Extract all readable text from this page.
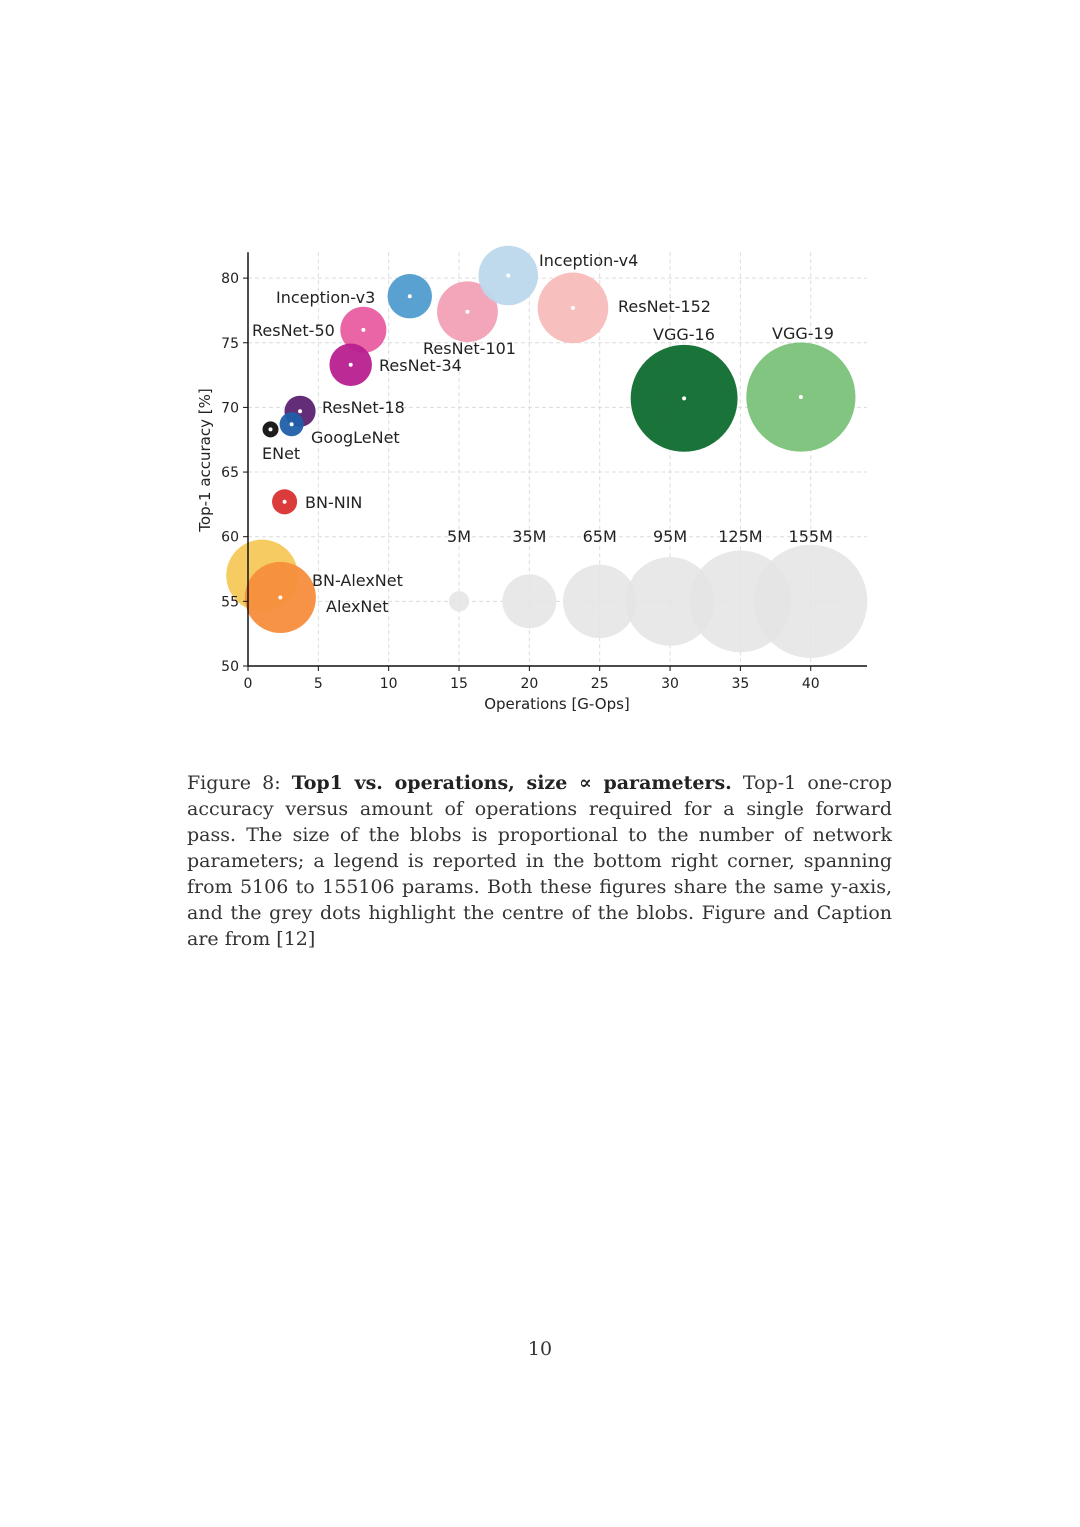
0	5	10	15	20	25	30	35	40
50
55
60
65
70
75
80
5M	35M 65M 95M 125M 155M
BN-AlexNet
AlexNet
BN-NIN
ENet
GoogLeNet
ResNet-18
ResNet-34
ResNet-50
Inception-v3
ResNet-101
Inception-v4
ResNet-152
VGG-16	VGG-19
Operations [G-Ops]
Top-1 accuracy [%]
Figure 8: Top1 vs. operations, size ∝ parameters. Top-1 one-crop accuracy versus amount of operations required for a single forward pass. The size of the blobs is proportional to the number of network parameters; a legend is reported in the bottom right corner, spanning from 5106 to 155106 params. Both these figures share the same y-axis, and the grey dots highlight the centre of the blobs. Figure and Caption are from [12]
10
